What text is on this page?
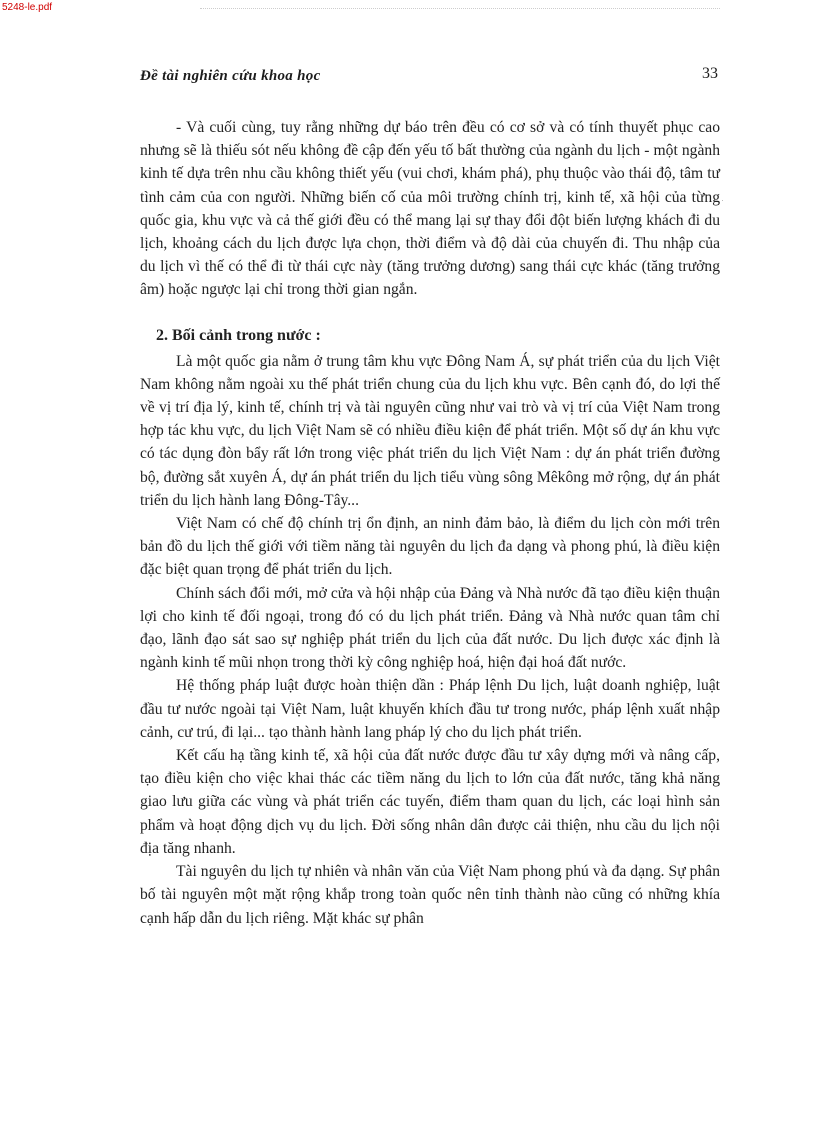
5248-le.pdf
Đề tài nghiên cứu khoa học	33

- Và cuối cùng, tuy rằng những dự báo trên đều có cơ sở và có tính thuyết phục cao nhưng sẽ là thiếu sót nếu không đề cập đến yếu tố bất thường của ngành du lịch - một ngành kinh tế dựa trên nhu cầu không thiết yếu (vui chơi, khám phá), phụ thuộc vào thái độ, tâm tư tình cảm của con người. Những biến cố của môi trường chính trị, kinh tế, xã hội của từng quốc gia, khu vực và cả thế giới đều có thể mang lại sự thay đổi đột biến lượng khách đi du lịch, khoảng cách du lịch được lựa chọn, thời điểm và độ dài của chuyến đi. Thu nhập của du lịch vì thế có thể đi từ thái cực này (tăng trưởng dương) sang thái cực khác (tăng trưởng âm) hoặc ngược lại chỉ trong thời gian ngắn.

2. Bối cảnh trong nước :

Là một quốc gia nằm ở trung tâm khu vực Đông Nam Á, sự phát triển của du lịch Việt Nam không nằm ngoài xu thế phát triển chung của du lịch khu vực. Bên cạnh đó, do lợi thế về vị trí địa lý, kinh tế, chính trị và tài nguyên cũng như vai trò và vị trí của Việt Nam trong hợp tác khu vực, du lịch Việt Nam sẽ có nhiều điều kiện để phát triển. Một số dự án khu vực có tác dụng đòn bẩy rất lớn trong việc phát triển du lịch Việt Nam : dự án phát triển đường bộ, đường sắt xuyên Á, dự án phát triển du lịch tiểu vùng sông Mêkông mở rộng, dự án phát triển du lịch hành lang Đông-Tây...

Việt Nam có chế độ chính trị ổn định, an ninh đảm bảo, là điểm du lịch còn mới trên bản đồ du lịch thế giới với tiềm năng tài nguyên du lịch đa dạng và phong phú, là điều kiện đặc biệt quan trọng để phát triển du lịch.

Chính sách đổi mới, mở cửa và hội nhập của Đảng và Nhà nước đã tạo điều kiện thuận lợi cho kinh tế đối ngoại, trong đó có du lịch phát triển. Đảng và Nhà nước quan tâm chỉ đạo, lãnh đạo sát sao sự nghiệp phát triển du lịch của đất nước. Du lịch được xác định là ngành kinh tế mũi nhọn trong thời kỳ công nghiệp hoá, hiện đại hoá đất nước.

Hệ thống pháp luật được hoàn thiện dần : Pháp lệnh Du lịch, luật doanh nghiệp, luật đầu tư nước ngoài tại Việt Nam, luật khuyến khích đầu tư trong nước, pháp lệnh xuất nhập cảnh, cư trú, đi lại... tạo thành hành lang pháp lý cho du lịch phát triển.

Kết cấu hạ tầng kinh tế, xã hội của đất nước được đầu tư xây dựng mới và nâng cấp, tạo điều kiện cho việc khai thác các tiềm năng du lịch to lớn của đất nước, tăng khả năng giao lưu giữa các vùng và phát triển các tuyến, điểm tham quan du lịch, các loại hình sản phẩm và hoạt động dịch vụ du lịch. Đời sống nhân dân được cải thiện, nhu cầu du lịch nội địa tăng nhanh.

Tài nguyên du lịch tự nhiên và nhân văn của Việt Nam phong phú và đa dạng. Sự phân bố tài nguyên một mặt rộng khắp trong toàn quốc nên tỉnh thành nào cũng có những khía cạnh hấp dẫn du lịch riêng. Mặt khác sự phân
